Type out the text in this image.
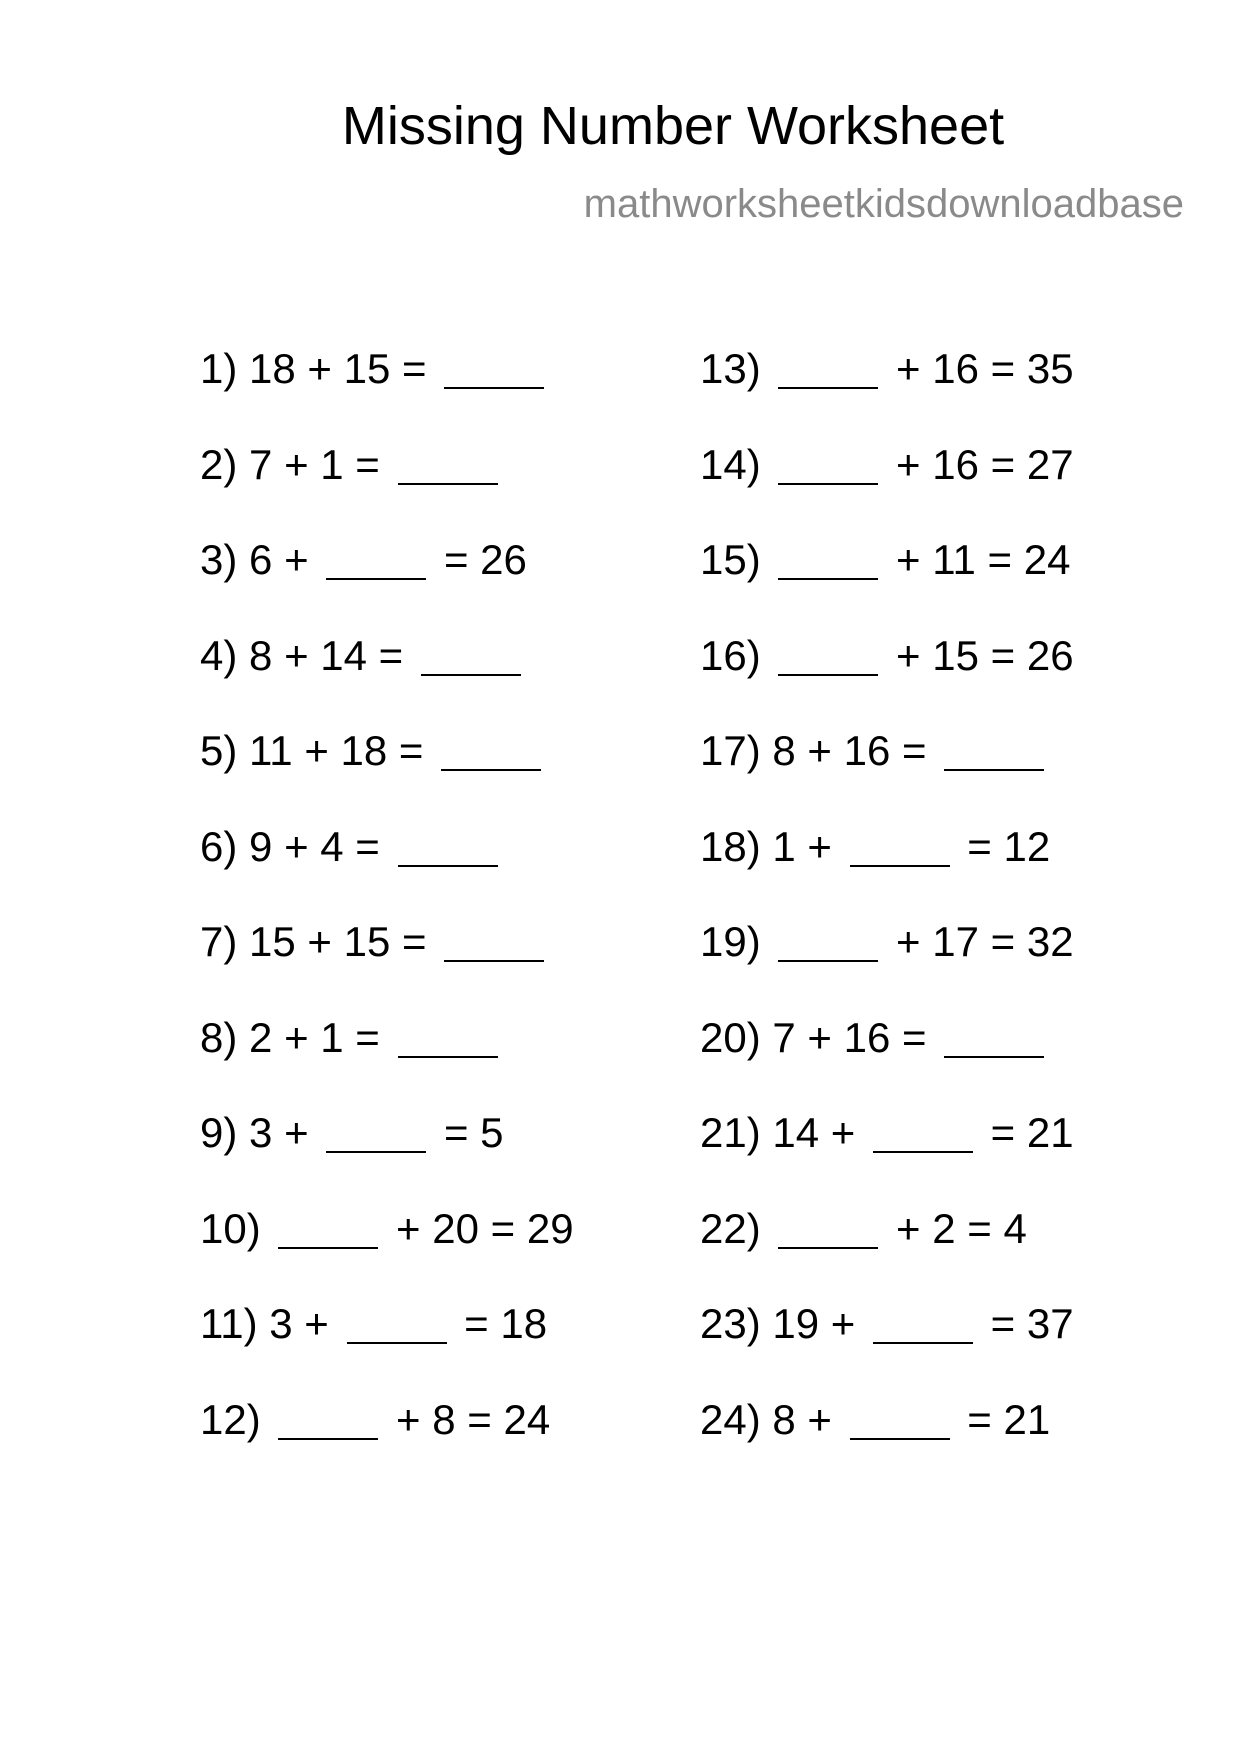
Missing Number Worksheet
mathworksheetkidsdownloadbase
1) 18 + 15 =
2) 7 + 1 =
3) 6 +	= 26
4) 8 + 14 =
5) 11 + 18 =
6) 9 + 4 =
7) 15 + 15 =
8) 2 + 1 =
9) 3 +	= 5
10)	+ 20 = 29
11) 3 +	= 18
12)	+ 8 = 24
13)	+ 16 = 35
14)	+ 16 = 27
15)	+ 11 = 24
16)	+ 15 = 26
17) 8 + 16 =
18) 1 +	= 12
19)	+ 17 = 32
20) 7 + 16 =
21) 14 +	= 21
22)	+ 2 = 4
23) 19 +	= 37
24) 8 +	= 21
